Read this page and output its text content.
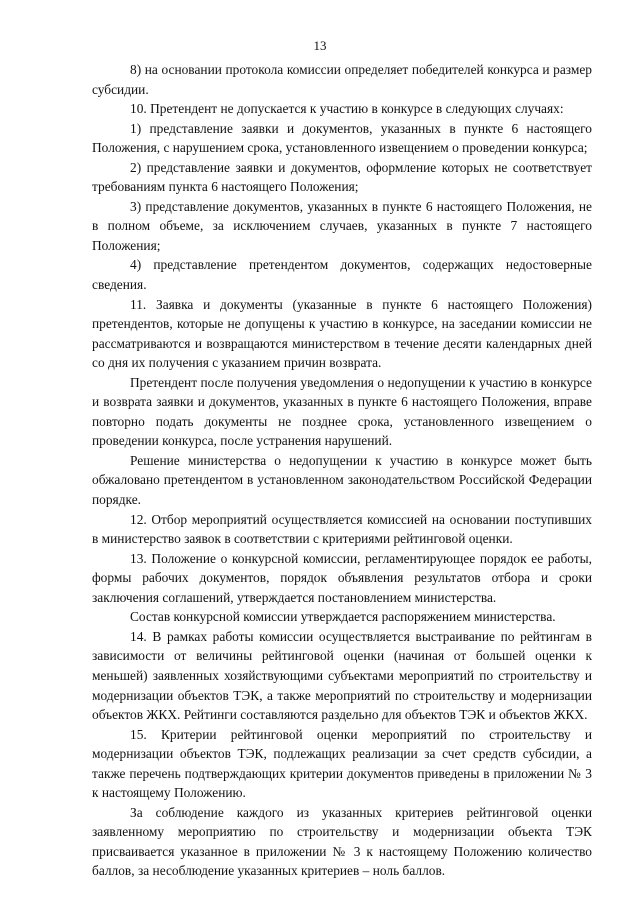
13

8) на основании протокола комиссии определяет победителей конкурса и размер субсидии.

10. Претендент не допускается к участию в конкурсе в следующих случаях:

1) представление заявки и документов, указанных в пункте 6 настоящего Положения, с нарушением срока, установленного извещением о проведении конкурса;

2) представление заявки и документов, оформление которых не соответствует требованиям пункта 6 настоящего Положения;

3) представление документов, указанных в пункте 6 настоящего Положения, не в полном объеме, за исключением случаев, указанных в пункте 7 настоящего Положения;

4) представление претендентом документов, содержащих недостоверные сведения.

11. Заявка и документы (указанные в пункте 6 настоящего Положения) претендентов, которые не допущены к участию в конкурсе, на заседании комиссии не рассматриваются и возвращаются министерством в течение десяти календарных дней со дня их получения с указанием причин возврата.

Претендент после получения уведомления о недопущении к участию в конкурсе и возврата заявки и документов, указанных в пункте 6 настоящего Положения, вправе повторно подать документы не позднее срока, установленного извещением о проведении конкурса, после устранения нарушений.

Решение министерства о недопущении к участию в конкурсе может быть обжаловано претендентом в установленном законодательством Российской Федерации порядке.

12. Отбор мероприятий осуществляется комиссией на основании поступивших в министерство заявок в соответствии с критериями рейтинговой оценки.

13. Положение о конкурсной комиссии, регламентирующее порядок ее работы, формы рабочих документов, порядок объявления результатов отбора и сроки заключения соглашений, утверждается постановлением министерства.

Состав конкурсной комиссии утверждается распоряжением министерства.

14. В рамках работы комиссии осуществляется выстраивание по рейтингам в зависимости от величины рейтинговой оценки (начиная от большей оценки к меньшей) заявленных хозяйствующими субъектами мероприятий по строительству и модернизации объектов ТЭК, а также мероприятий по строительству и модернизации объектов ЖКХ. Рейтинги составляются раздельно для объектов ТЭК и объектов ЖКХ.

15. Критерии рейтинговой оценки мероприятий по строительству и модернизации объектов ТЭК, подлежащих реализации за счет средств субсидии, а также перечень подтверждающих критерии документов приведены в приложении № 3 к настоящему Положению.

За соблюдение каждого из указанных критериев рейтинговой оценки заявленному мероприятию по строительству и модернизации объекта ТЭК присваивается указанное в приложении № 3 к настоящему Положению количество баллов, за несоблюдение указанных критериев – ноль баллов.
